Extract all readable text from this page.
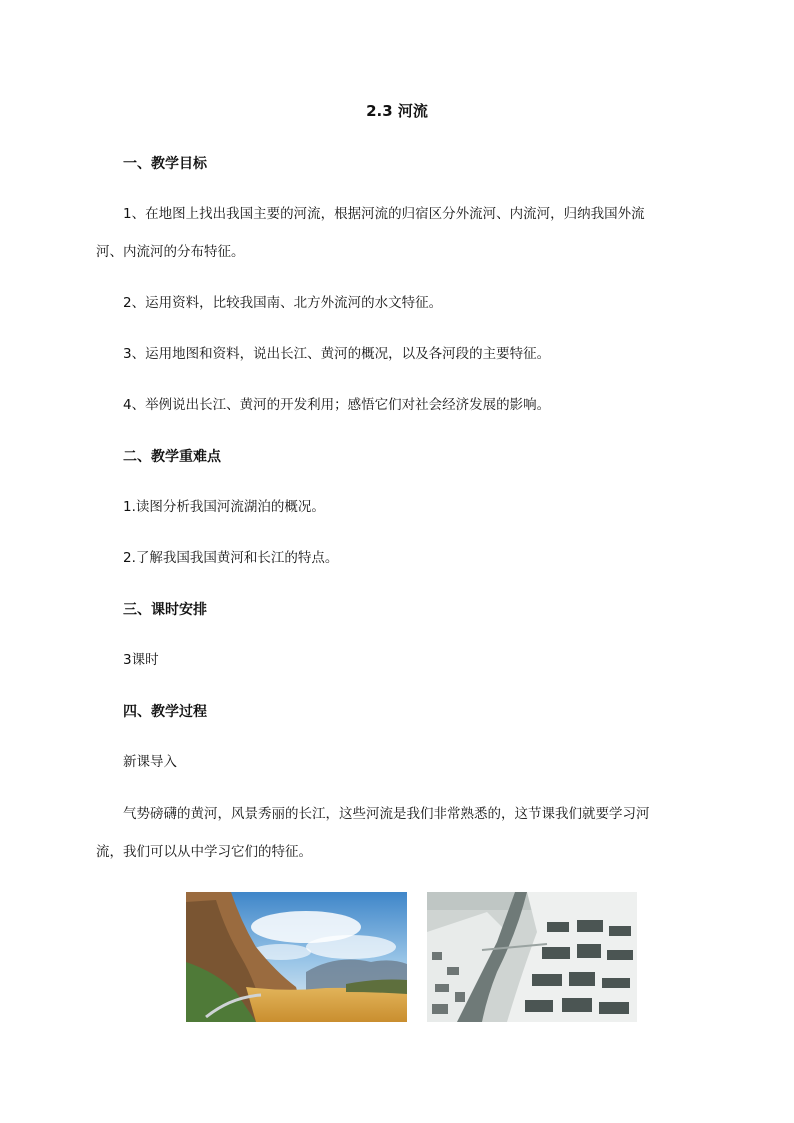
2.3 河流
一、教学目标
1、在地图上找出我国主要的河流，根据河流的归宿区分外流河、内流河，归纳我国外流
河、内流河的分布特征。
2、运用资料，比较我国南、北方外流河的水文特征。
3、运用地图和资料，说出长江、黄河的概况，以及各河段的主要特征。
4、举例说出长江、黄河的开发利用；感悟它们对社会经济发展的影响。
二、教学重难点
1.读图分析我国河流湖泊的概况。
2.了解我国我国黄河和长江的特点。
三、课时安排
3课时
四、教学过程
新课导入
气势磅礴的黄河，风景秀丽的长江，这些河流是我们非常熟悉的，这节课我们就要学习河
流，我们可以从中学习它们的特征。
